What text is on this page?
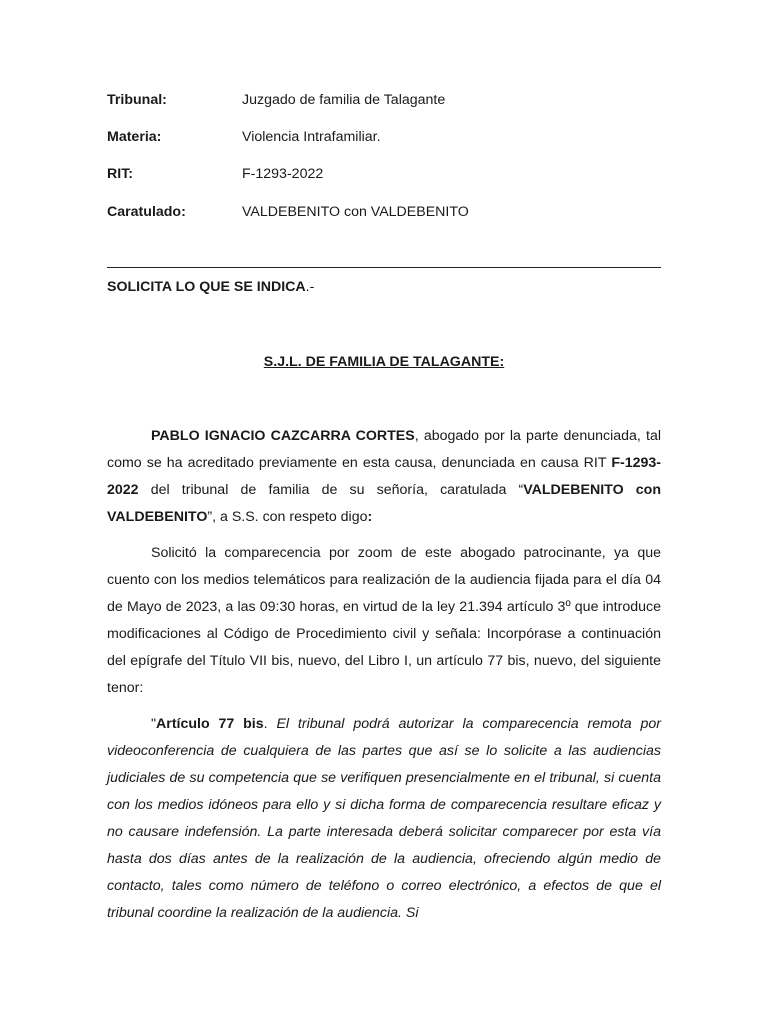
Tribunal:	Juzgado de familia de Talagante
Materia:	Violencia Intrafamiliar.
RIT:	F-1293-2022
Caratulado:	VALDEBENITO con VALDEBENITO
SOLICITA LO QUE SE INDICA.-
S.J.L. DE FAMILIA DE TALAGANTE:

PABLO IGNACIO CAZCARRA CORTES, abogado por la parte denunciada, tal como se ha acreditado previamente en esta causa, denunciada en causa RIT F-1293-2022 del tribunal de familia de su señoría, caratulada “VALDEBENITO con VALDEBENITO”, a S.S. con respeto digo:

Solicitó la comparecencia por zoom de este abogado patrocinante, ya que cuento con los medios telemáticos para realización de la audiencia fijada para el día 04 de Mayo de 2023, a las 09:30 horas, en virtud de la ley 21.394 artículo 3º que introduce modificaciones al Código de Procedimiento civil y señala: Incorpórase a continuación del epígrafe del Título VII bis, nuevo, del Libro I, un artículo 77 bis, nuevo, del siguiente tenor:

"Artículo 77 bis. El tribunal podrá autorizar la comparecencia remota por videoconferencia de cualquiera de las partes que así se lo solicite a las audiencias judiciales de su competencia que se verifiquen presencialmente en el tribunal, si cuenta con los medios idóneos para ello y si dicha forma de comparecencia resultare eficaz y no causare indefensión. La parte interesada deberá solicitar comparecer por esta vía hasta dos días antes de la realización de la audiencia, ofreciendo algún medio de contacto, tales como número de teléfono o correo electrónico, a efectos de que el tribunal coordine la realización de la audiencia. Si
